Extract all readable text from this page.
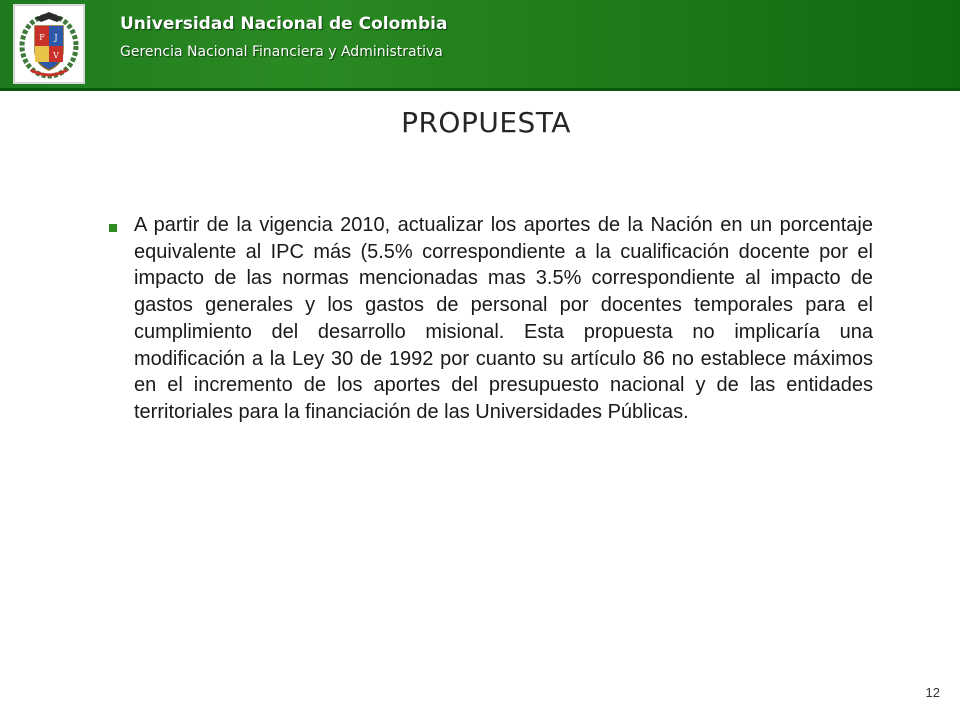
F J
V
Universidad Nacional de Colombia
Gerencia Nacional Financiera y Administrativa
PROPUESTA

A partir de la vigencia 2010, actualizar los aportes de la Nación en un porcentaje equivalente al IPC más (5.5% correspondiente a la cualificación docente por el impacto de las normas mencionadas mas 3.5% correspondiente al impacto de gastos generales y los gastos de personal por docentes temporales para el cumplimiento del desarrollo misional. Esta propuesta no implicaría una modificación a la Ley 30 de 1992 por cuanto su artículo 86 no establece máximos en el incremento de los aportes del presupuesto nacional y de las entidades territoriales para la financiación de las Universidades Públicas.

12
